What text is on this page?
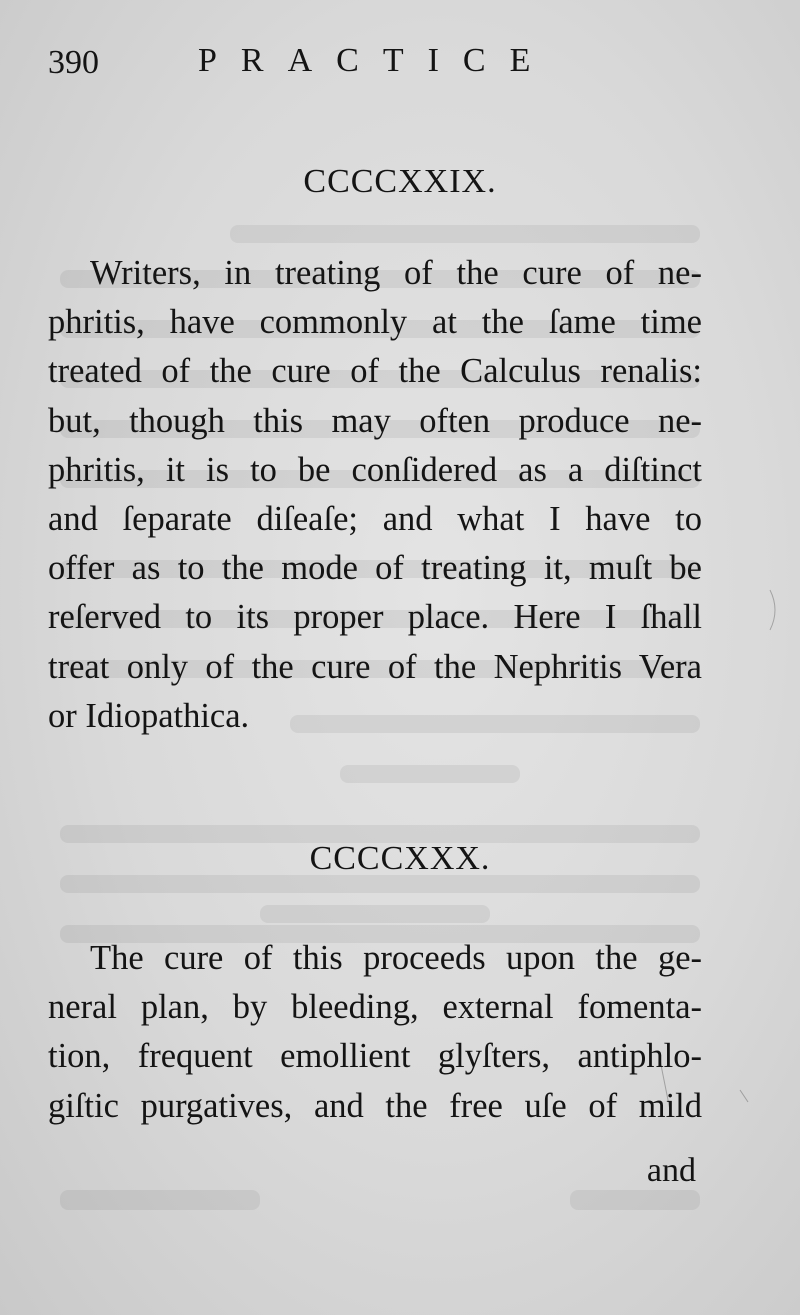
390	PRACTICE
CCCCXXIX.
Writers, in treating of the cure of ne-
phritis, have commonly at the ſame time
treated of the cure of the Calculus renalis:
but, though this may often produce ne-
phritis, it is to be conſidered as a diſtinct
and ſeparate diſeaſe; and what I have to
offer as to the mode of treating it, muſt be
reſerved to its proper place. Here I ſhall
treat only of the cure of the Nephritis Vera
or Idiopathica.
CCCCXXX.
The cure of this proceeds upon the ge-
neral plan, by bleeding, external fomenta-
tion, frequent emollient glyſters, antiphlo-
giſtic purgatives, and the free uſe of mild
and
